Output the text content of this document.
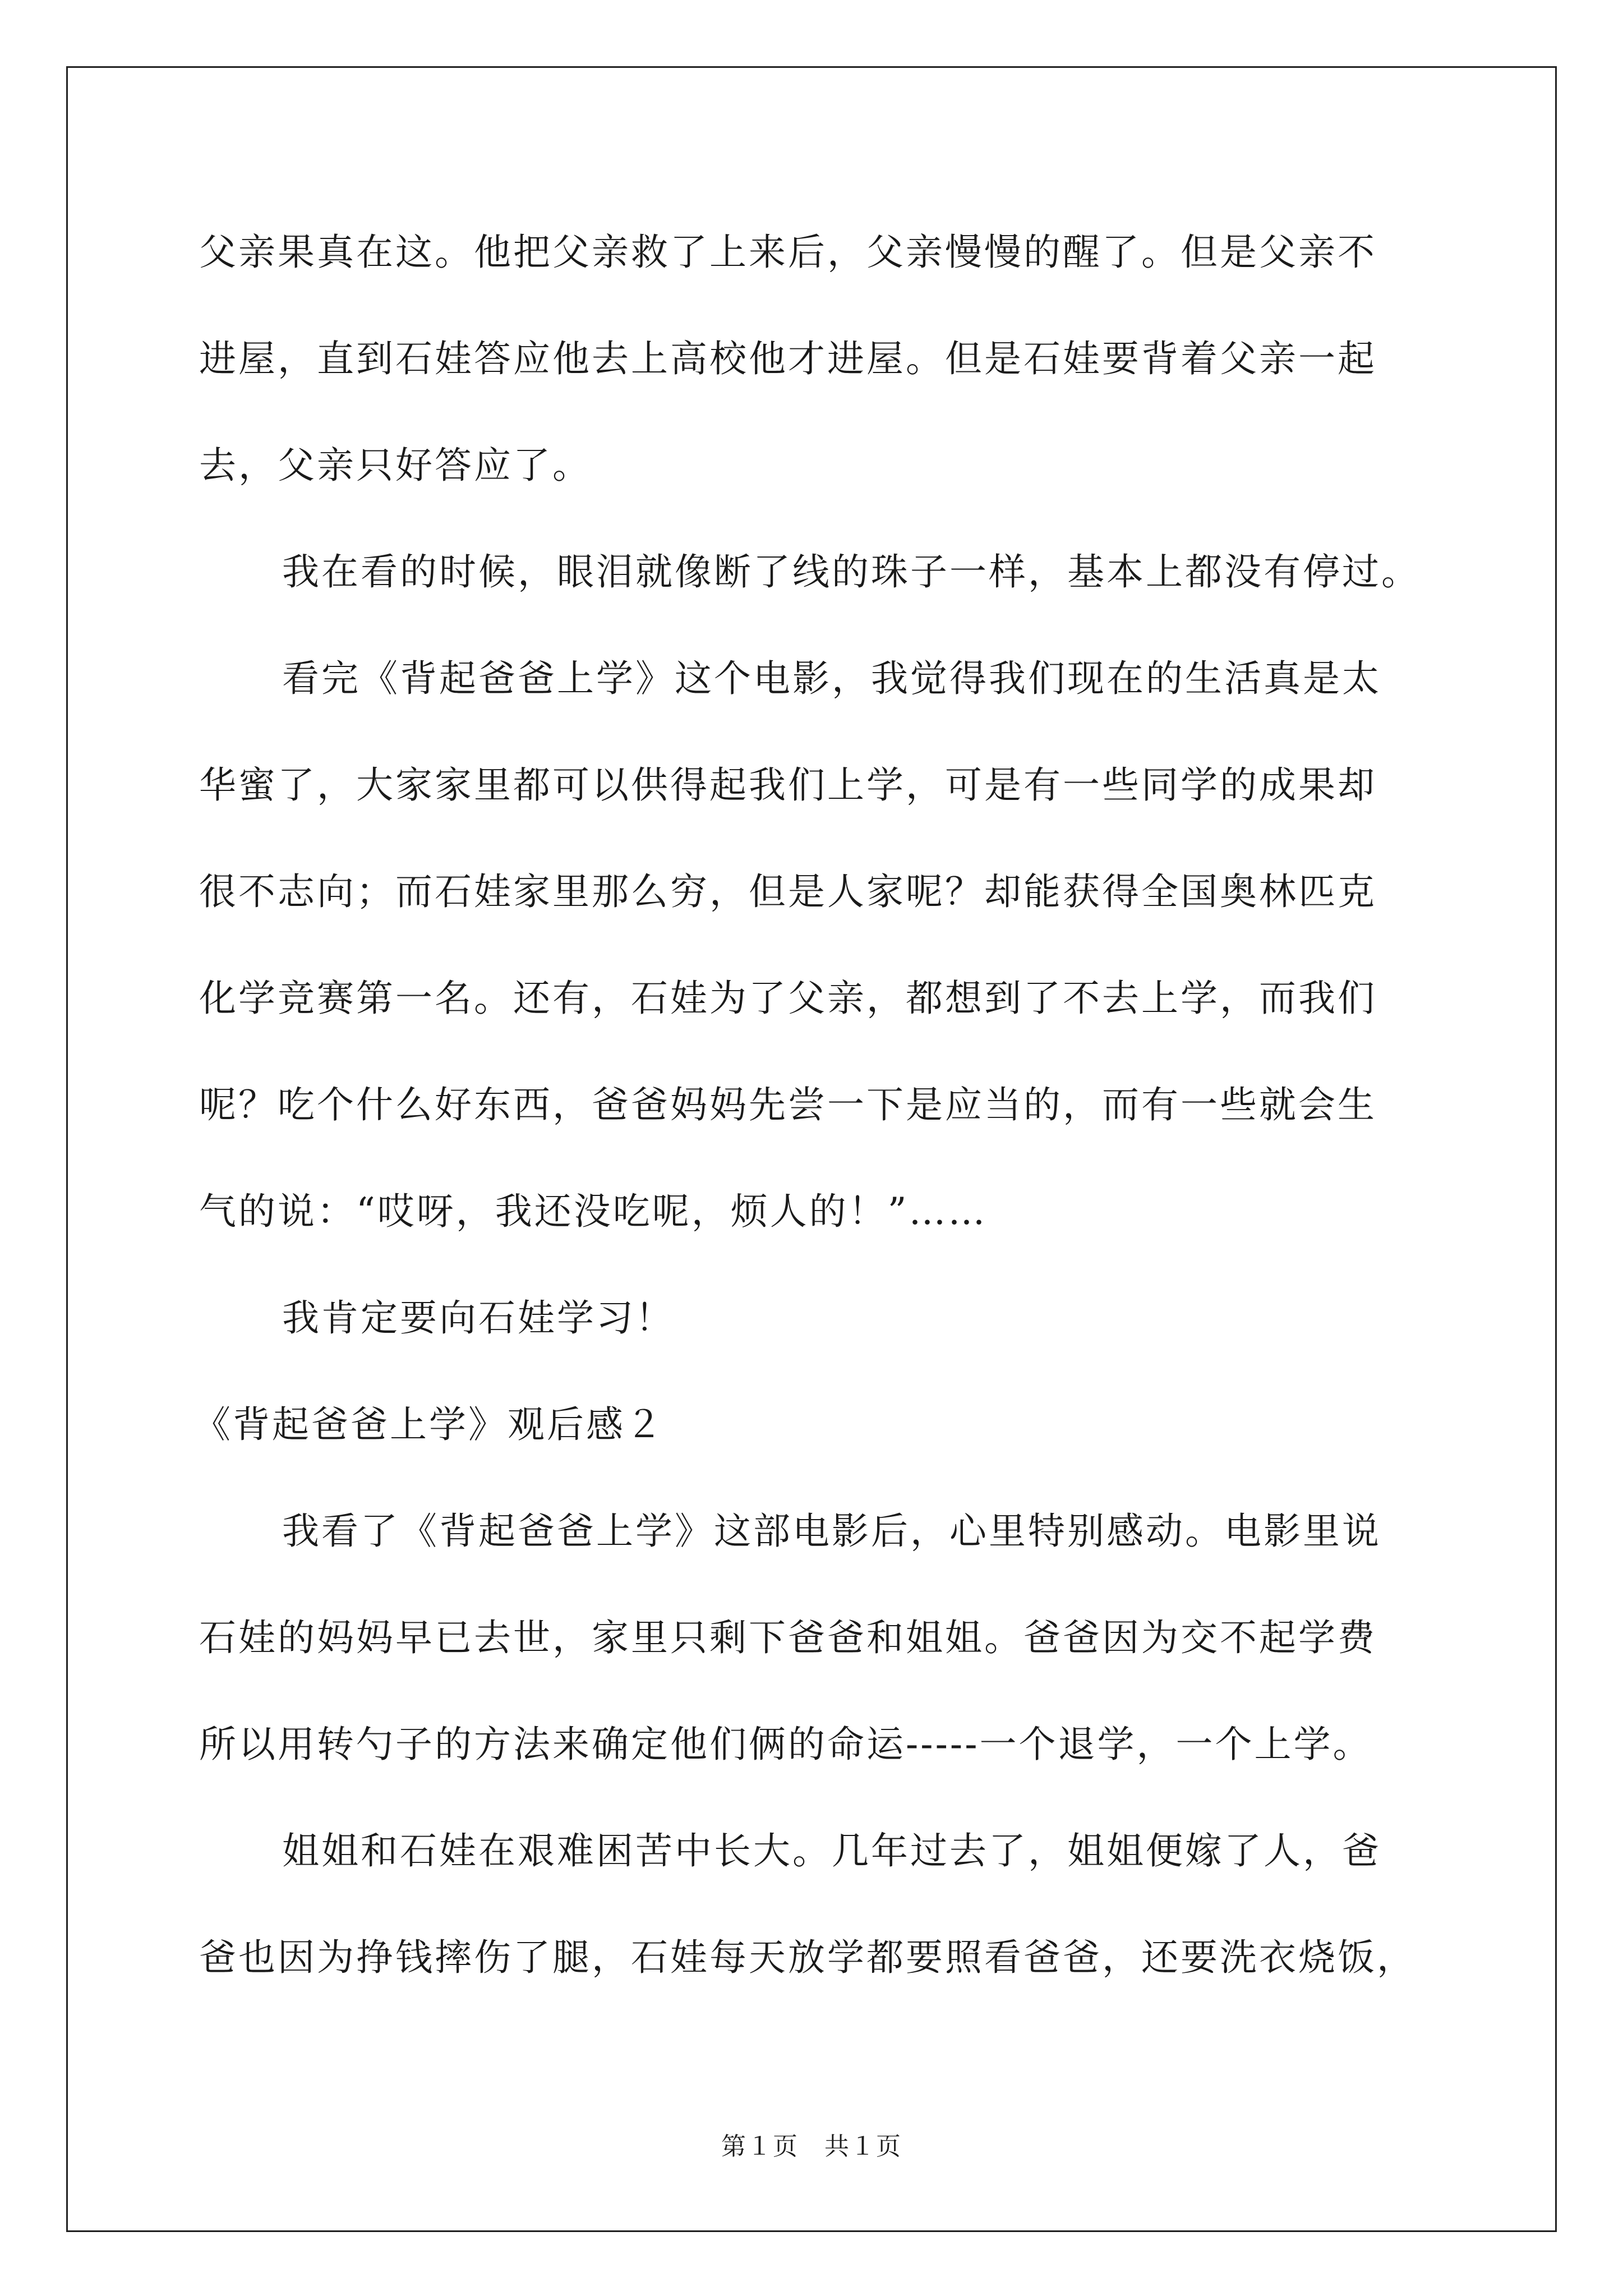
父亲果真在这。他把父亲救了上来后，父亲慢慢的醒了。但是父亲不
进屋，直到石娃答应他去上高校他才进屋。但是石娃要背着父亲一起
去，父亲只好答应了。
我在看的时候，眼泪就像断了线的珠子一样，基本上都没有停过。
看完《背起爸爸上学》这个电影，我觉得我们现在的生活真是太
华蜜了，大家家里都可以供得起我们上学，可是有一些同学的成果却
很不志向；而石娃家里那么穷，但是人家呢？却能获得全国奥林匹克
化学竞赛第一名。还有，石娃为了父亲，都想到了不去上学，而我们
呢？吃个什么好东西，爸爸妈妈先尝一下是应当的，而有一些就会生
气的说：“哎呀，我还没吃呢，烦人的！”……
我肯定要向石娃学习！
《背起爸爸上学》观后感２
我看了《背起爸爸上学》这部电影后，心里特别感动。电影里说
石娃的妈妈早已去世，家里只剩下爸爸和姐姐。爸爸因为交不起学费
所以用转勺子的方法来确定他们俩的命运-----一个退学，一个上学。
姐姐和石娃在艰难困苦中长大。几年过去了，姐姐便嫁了人，爸
爸也因为挣钱摔伤了腿，石娃每天放学都要照看爸爸，还要洗衣烧饭，
第１页　共１页
